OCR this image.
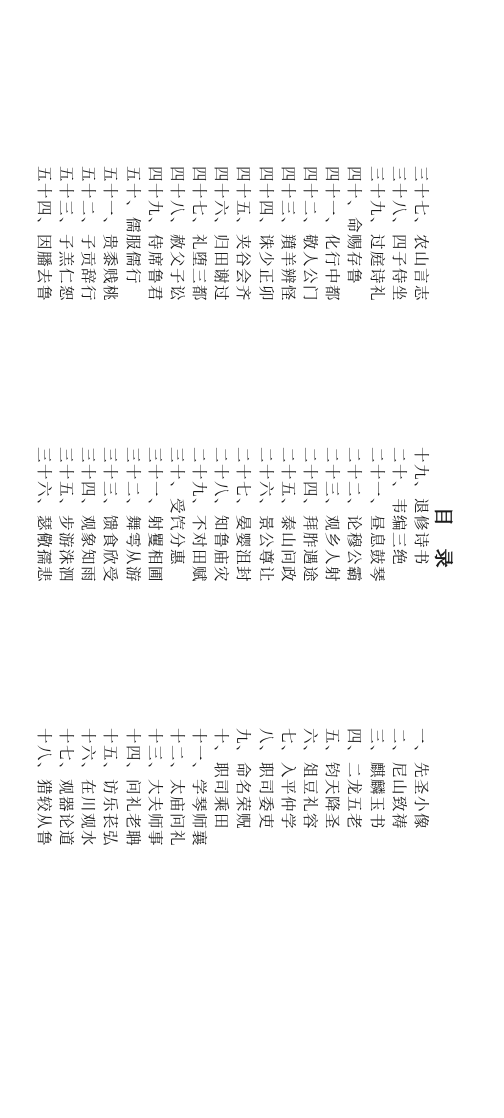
目 录
一、先圣小像
二、尼山致祷
三、麒麟玉书
四、二龙五老
五、钧天降圣
六、俎豆礼容
七、入平仲学
八、职司委吏
九、命名荣贶
十、职司乘田
十一、学琴师襄
十二、太庙问礼
十三、大夫师事
十四、问礼老聃
十五、访乐苌弘
十六、在川观水
十七、观器论道
十八、猎较从鲁
十九、退修诗书
二十、韦编三绝
二十一、昼息鼓琴
二十二、论穆公霸
二十三、观乡人射
二十四、拜胙遇途
二十五、泰山问政
二十六、景公尊让
二十七、晏婴沮封
二十八、知鲁庙灾
二十九、不对田赋
三十、受饩分惠
三十一、射矍相圃
三十二、舞雩从游
三十三、馈食欣受
三十四、观象知雨
三十五、步游洙泗
三十六、瑟儆孺悲
三十七、农山言志
三十八、四子侍坐
三十九、过庭诗礼
四十、命赐存鲁
四十一、化行中都
四十二、敬人公门
四十三、羵羊辨怪
四十四、诛少正卯
四十五、夹谷会齐
四十六、归田谢过
四十七、礼堕三都
四十八、赦父子讼
四十九、侍席鲁君
五十、儒服儒行
五十一、贵黍贱桃
五十二、子贡辞行
五十三、子羔仁恕
五十四、因膰去鲁
